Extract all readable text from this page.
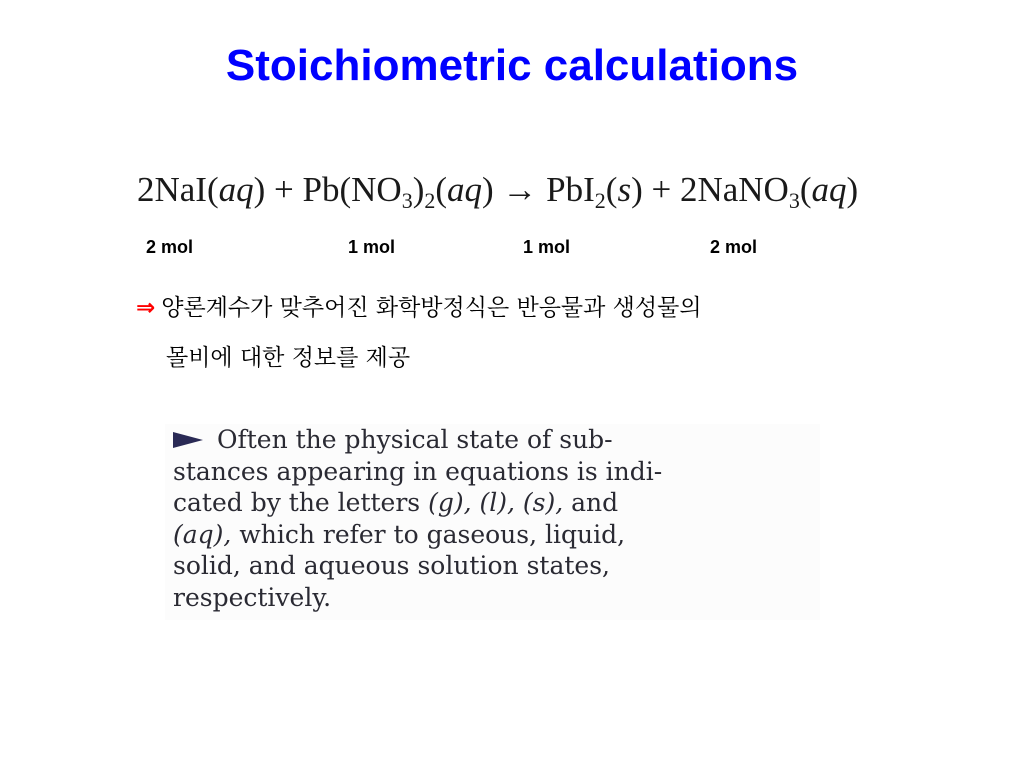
Stoichiometric calculations
$2NaI(aq) + Pb(NO_3)_2(aq) \to PbI_2(s)$ + 2NaNO$_3$(aq)
2 mol	1 mol	1 mol	2 mol
⇒ 양론계수가 맞추어진 화학방정식은 반응물과 생성물의
몰비에 대한 정보를 제공
Often the physical state of sub-
stances appearing in equations is indi-
cated by the letters (g), (l), (s), and
(aq), which refer to gaseous, liquid,
solid, and aqueous solution states,
respectively.
